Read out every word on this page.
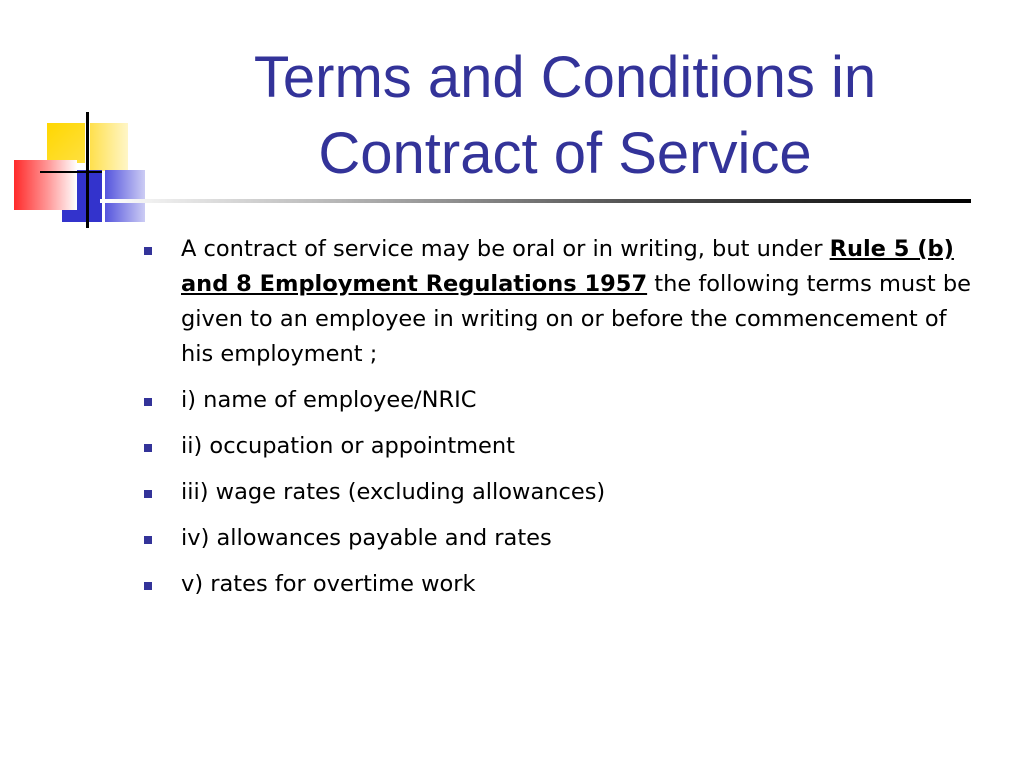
Terms and Conditions in
Contract of Service
A contract of service may be oral or in writing, but under Rule 5 (b) and 8 Employment Regulations 1957 the following terms must be given to an employee in writing on or before the commencement of his employment ;
i) name of employee/NRIC
ii) occupation or appointment
iii) wage rates (excluding allowances)
iv) allowances payable and rates
v) rates for overtime work
